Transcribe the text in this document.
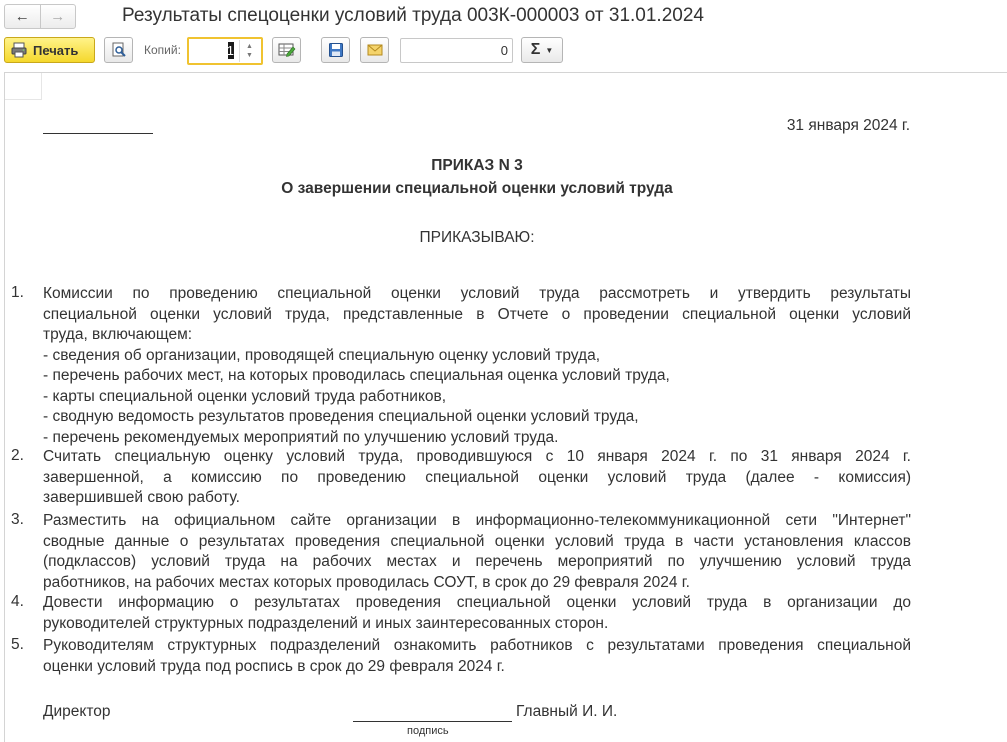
←	→	Результаты спецоценки условий труда 003К-000003 от 31.01.2024
Печать	Копий:	1 ▲
▼	0 Σ ▼
31 января 2024 г.
ПРИКАЗ N 3
О завершении специальной оценки условий труда
ПРИКАЗЫВАЮ:
1. Комиссии по проведению специальной оценки условий труда рассмотреть и утвердить результаты
специальной оценки условий труда, представленные в Отчете о проведении специальной оценки условий
труда, включающем:
- сведения об организации, проводящей специальную оценку условий труда,
- перечень рабочих мест, на которых проводилась специальная оценка условий труда,
- карты специальной оценки условий труда работников,
- сводную ведомость результатов проведения специальной оценки условий труда,
- перечень рекомендуемых мероприятий по улучшению условий труда.
2. Считать специальную оценку условий труда, проводившуюся с 10 января 2024 г. по 31 января 2024 г.
завершенной, а комиссию по проведению специальной оценки условий труда (далее - комиссия)
завершившей свою работу.
3. Разместить на официальном сайте организации в информационно-телекоммуникационной сети "Интернет"
сводные данные о результатах проведения специальной оценки условий труда в части установления классов
(подклассов) условий труда на рабочих местах и перечень мероприятий по улучшению условий труда
работников, на рабочих местах которых проводилась СОУТ, в срок до 29 февраля 2024 г.
4. Довести информацию о результатах проведения специальной оценки условий труда в организации до
руководителей структурных подразделений и иных заинтересованных сторон.
5. Руководителям структурных подразделений ознакомить работников с результатами проведения специальной
оценки условий труда под роспись в срок до 29 февраля 2024 г.
Директор	Главный И. И.
подпись
